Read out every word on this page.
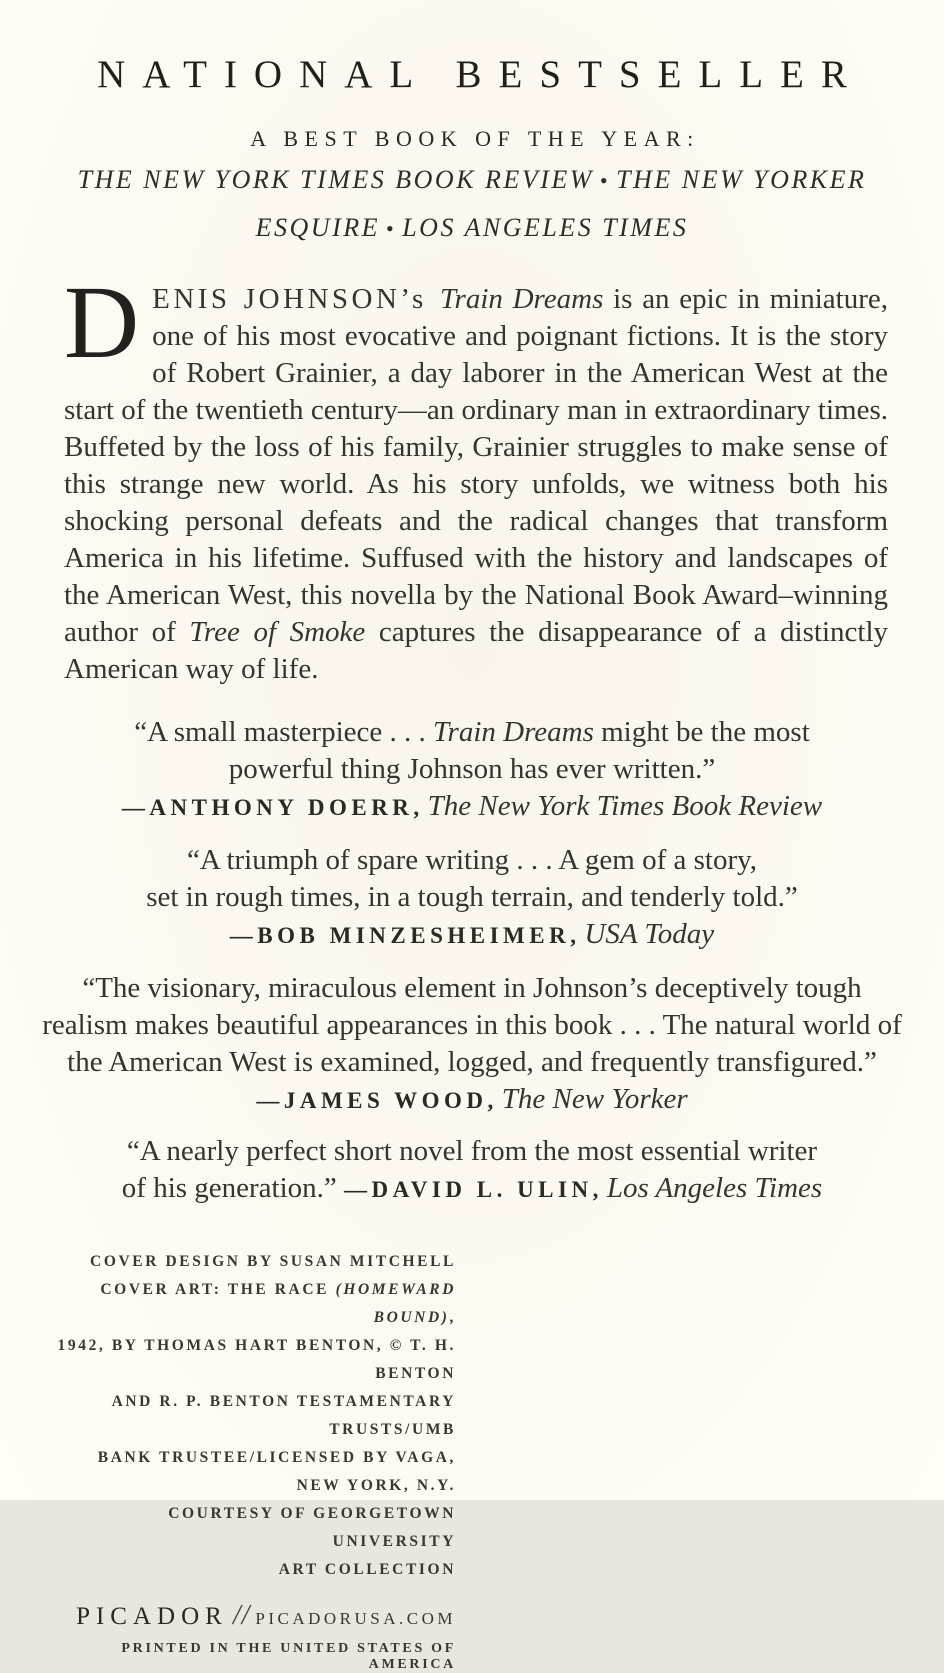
NATIONAL BESTSELLER
A BEST BOOK OF THE YEAR:
THE NEW YORK TIMES BOOK REVIEW • THE NEW YORKER
ESQUIRE • LOS ANGELES TIMES

DENIS JOHNSON’s Train Dreams is an epic in miniature, one of his most evocative and poignant fictions. It is the story of Robert Grainier, a day laborer in the American West at the start of the twentieth century—an ordinary man in extraordinary times. Buffeted by the loss of his family, Grainier struggles to make sense of this strange new world. As his story unfolds, we witness both his shocking personal defeats and the radical changes that transform America in his lifetime. Suffused with the history and landscapes of the American West, this novella by the National Book Award–winning author of Tree of Smoke captures the disappearance of a distinctly American way of life.

“A small masterpiece . . . Train Dreams might be the most
powerful thing Johnson has ever written.”
—ANTHONY DOERR, The New York Times Book Review
“A triumph of spare writing . . . A gem of a story,
set in rough times, in a tough terrain, and tenderly told.”
—BOB MINZESHEIMER, USA Today
“The visionary, miraculous element in Johnson’s deceptively tough
realism makes beautiful appearances in this book . . . The natural world of
the American West is examined, logged, and frequently transfigured.”
—JAMES WOOD, The New Yorker
“A nearly perfect short novel from the most essential writer
of his generation.” —DAVID L. ULIN, Los Angeles Times
COVER DESIGN BY SUSAN MITCHELL
COVER ART: THE RACE (HOMEWARD BOUND),
1942, BY THOMAS HART BENTON, © T. H. BENTON
AND R. P. BENTON TESTAMENTARY TRUSTS/UMB
BANK TRUSTEE/LICENSED BY VAGA, NEW YORK, N.Y.
COURTESY OF GEORGETOWN UNIVERSITY
ART COLLECTION
PICADOR // PICADORUSA.COM
PRINTED IN THE UNITED STATES OF AMERICA
